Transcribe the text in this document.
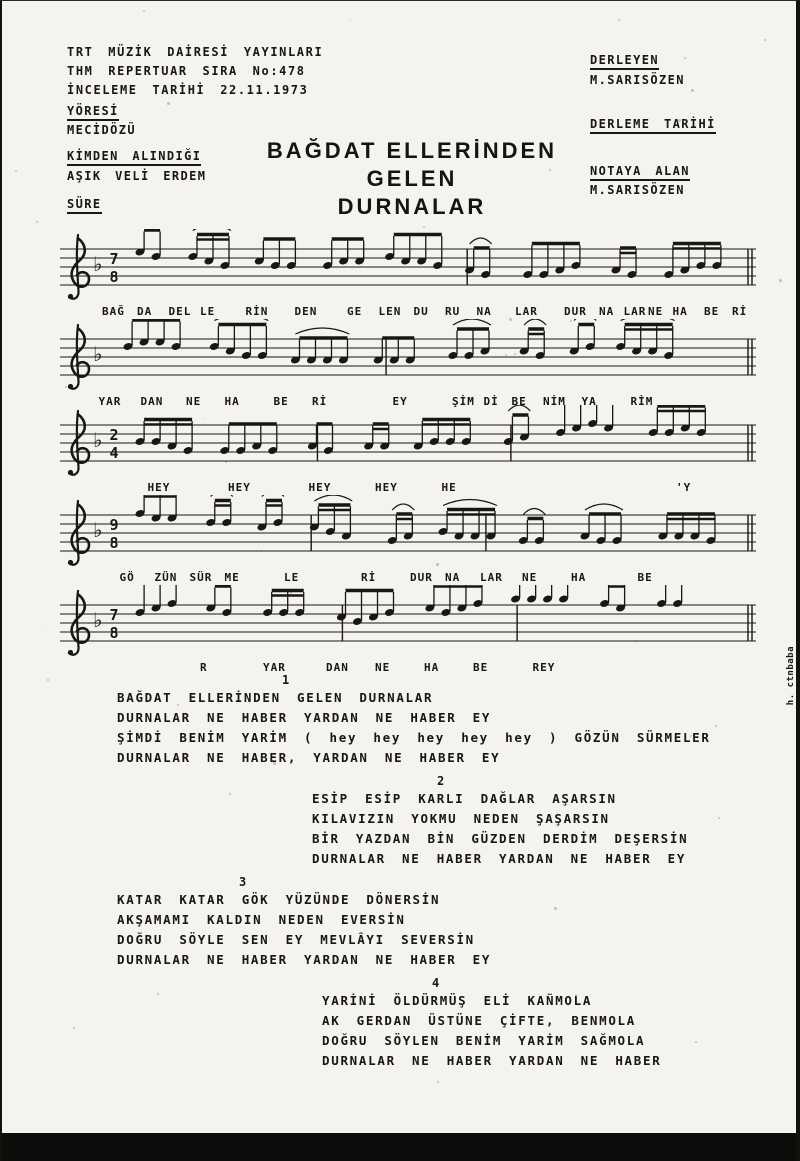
TRT MÜZİK DAİRESİ YAYINLARI
THM REPERTUAR SIRA No:478
İNCELEME TARİHİ 22.11.1973
YÖRESİ
MECİDÖZÜ
KİMDEN ALINDIĞI
AŞIK VELİ ERDEM
SÜRE
DERLEYEN
M.SARISÖZEN
DERLEME TARİHİ
NOTAYA ALAN
M.SARISÖZEN
BAĞDAT ELLERİNDEN GELEN
DURNALAR
♭ 7
8
BAĞ DA DEL LE	RİN DEN	GE LEN DU RU NA LAR DUR NA LAR NE HA BE Rİ
♭
YAR DAN NE HA	BE Rİ	EY	ŞİM Dİ BE NİM YA	RİM
♭ 2
4
HEY	HEY	HEY	HEY	HE	'Y
♭ 9
8
GÖ ZÜN SÜR ME	LE	Rİ	DUR NA LAR NE	HA	BE
♭ 7
8
R	YAR	DAN NE	HA	BE	REY	h. ctnbaba
1
BAĞDAT ELLERİNDEN GELEN DURNALAR
DURNALAR NE HABER YARDAN NE HABER EY
ŞİMDİ BENİM YARİM ( hey hey hey hey hey ) GÖZÜN SÜRMELER
DURNALAR NE HABER, YARDAN NE HABER EY
2
ESİP ESİP KARLI DAĞLAR AŞARSIN
KILAVIZIN YOKMU NEDEN ŞAŞARSIN
BİR YAZDAN BİN GÜZDEN DERDİM DEŞERSİN
DURNALAR NE HABER YARDAN NE HABER EY
3
KATAR KATAR GÖK YÜZÜNDE DÖNERSİN
AKŞAMAMI KALDIN NEDEN EVERSİN
DOĞRU SÖYLE SEN EY MEVLÂYI SEVERSİN
DURNALAR NE HABER YARDAN NE HABER EY
4
YARİNİ ÖLDÜRMÜŞ ELİ KAÑMOLA
AK GERDAN ÜSTÜNE ÇİFTE, BENMOLA
DOĞRU SÖYLEN BENİM YARİM SAĞMOLA
DURNALAR NE HABER YARDAN NE HABER
